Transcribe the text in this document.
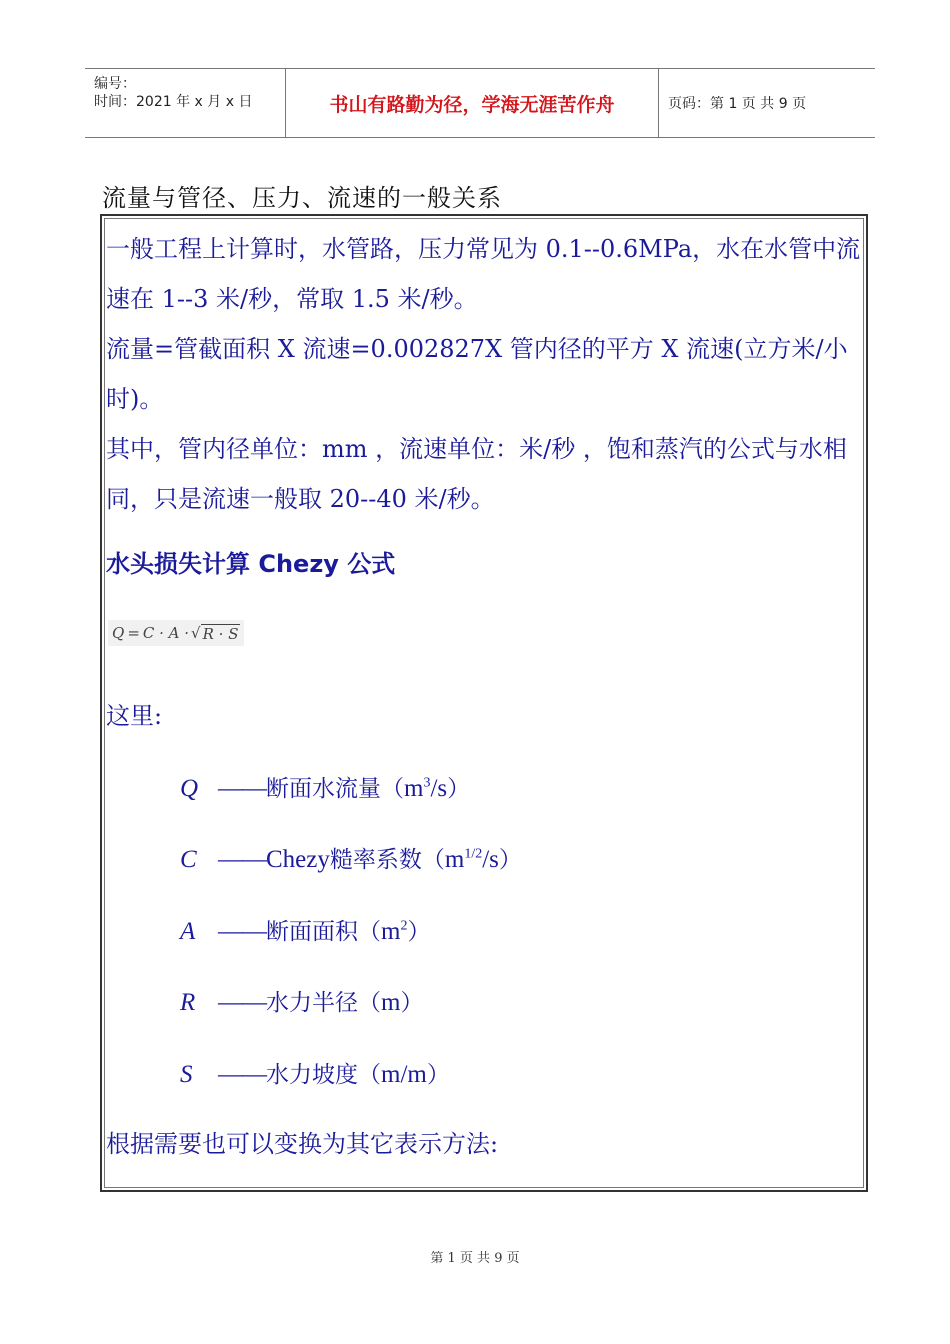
编号：
时间：2021 年 x 月 x 日	书山有路勤为径，学海无涯苦作舟	页码：第 1 页 共 9 页
流量与管径、压力、流速的一般关系
一般工程上计算时，水管路，压力常见为 0.1--0.6MPa，水在水管中流速在 1--3 米/秒，常取 1.5 米/秒。
流量=管截面积 X 流速=0.002827X 管内径的平方 X 流速(立方米/小时)。
其中，管内径单位：mm ，流速单位：米/秒 ，饱和蒸汽的公式与水相同，只是流速一般取 20--40 米/秒。
水头损失计算 Chezy 公式
Q = C · A · √ R · S
这里:
Q ——断面水流量$(m^3/s)$
C ——Chezy糙率系数$(m^{1/2}/s)$
A ——断面面积$(m^2)$
R ——水力半径（m）
S ——水力坡度（m/m）
根据需要也可以变换为其它表示方法:
第 1 页 共 9 页
